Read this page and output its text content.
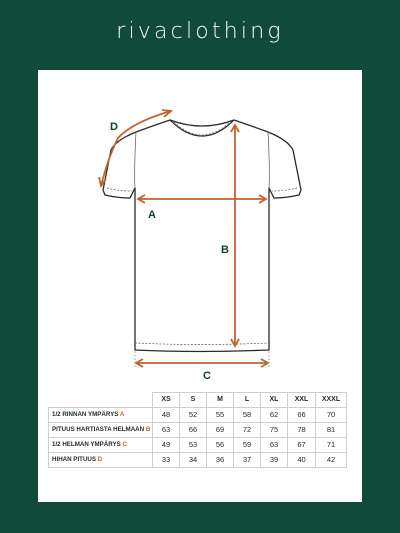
rivaclothing
A
B
C
D
	XS	S	M	L	XL	XXL	XXXL
1/2 RINNAN YMPÄRYS A	48	52	55	58	62	66	70
PITUUS HARTIASTA HELMAAN B	63	66	69	72	75	78	81
1/2 HELMAN YMPÄRYS C	49	53	56	59	63	67	71
HIHAN PITUUS D	33	34	36	37	39	40	42
